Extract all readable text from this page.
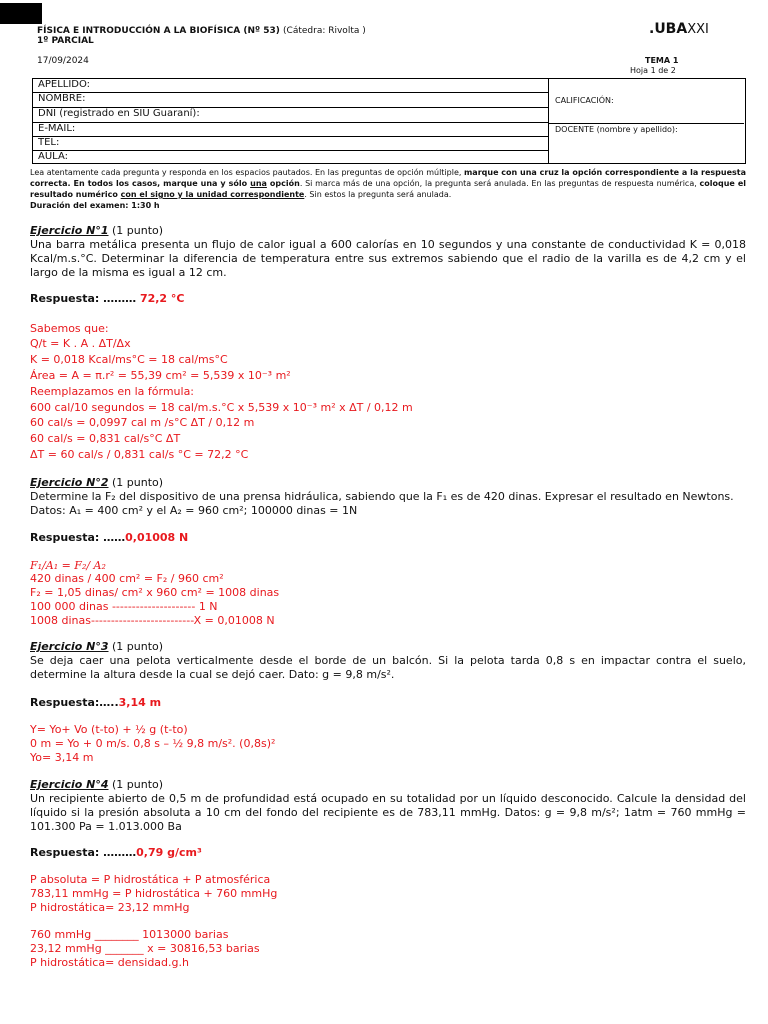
FÍSICA E INTRODUCCIÓN A LA BIOFÍSICA (Nº 53) (Cátedra: Rivolta )
1º PARCIAL
17/09/2024
.UBAXXI
TEMA 1
Hoja 1 de 2
APELLIDO:
NOMBRE:
DNI (registrado en SIU Guaraní):
E-MAIL:
TEL:
AULA:
CALIFICACIÓN:
DOCENTE (nombre y apellido):
Lea atentamente cada pregunta y responda en los espacios pautados. En las preguntas de opción múltiple, marque con una cruz la opción correspondiente a la respuesta correcta. En todos los casos, marque una y sólo una opción. Si marca más de una opción, la pregunta será anulada. En las preguntas de respuesta numérica, coloque el resultado numérico con el signo y la unidad correspondiente. Sin estos la pregunta será anulada.
Duración del examen: 1:30 h
Ejercicio N°1 (1 punto)
Una barra metálica presenta un flujo de calor igual a 600 calorías en 10 segundos y una constante de conductividad K = 0,018 Kcal/m.s.°C. Determinar la diferencia de temperatura entre sus extremos sabiendo que el radio de la varilla es de 4,2 cm y el largo de la misma es igual a 12 cm.
Respuesta: ……… 72,2 °C
Sabemos que:
Q/t = K . A . ΔT/Δx
K = 0,018 Kcal/ms°C = 18 cal/ms°C
Área = A = π.r² = 55,39 cm² = 5,539 x 10⁻³ m²
Reemplazamos en la fórmula:
600 cal/10 segundos = 18 cal/m.s.°C x 5,539 x 10⁻³ m² x ΔT / 0,12 m
60 cal/s = 0,0997 cal m /s°C ΔT / 0,12 m
60 cal/s = 0,831 cal/s°C ΔT
ΔT = 60 cal/s / 0,831 cal/s °C = 72,2 °C
Ejercicio N°2 (1 punto)
Determine la F₂ del dispositivo de una prensa hidráulica, sabiendo que la F₁ es de 420 dinas. Expresar el resultado en Newtons.
Datos: A₁ = 400 cm² y el A₂ = 960 cm²; 100000 dinas = 1N
Respuesta: ……0,01008 N
F₁/A₁ = F₂/ A₂
420 dinas / 400 cm² = F₂ / 960 cm²
F₂ = 1,05 dinas/ cm² x 960 cm² = 1008 dinas
100 000 dinas --------------------- 1 N
1008 dinas--------------------------X = 0,01008 N
Ejercicio N°3 (1 punto)
Se deja caer una pelota verticalmente desde el borde de un balcón. Si la pelota tarda 0,8 s en impactar contra el suelo, determine la altura desde la cual se dejó caer. Dato: g = 9,8 m/s².
Respuesta:…..3,14 m
Y= Yo+ Vo (t-to) + ½ g (t-to)
0 m = Yo + 0 m/s. 0,8 s – ½ 9,8 m/s². (0,8s)²
Yo= 3,14 m
Ejercicio N°4 (1 punto)
Un recipiente abierto de 0,5 m de profundidad está ocupado en su totalidad por un líquido desconocido. Calcule la densidad del líquido si la presión absoluta a 10 cm del fondo del recipiente es de 783,11 mmHg. Datos: g = 9,8 m/s²; 1atm = 760 mmHg = 101.300 Pa = 1.013.000 Ba
Respuesta: ………0,79 g/cm³
P absoluta = P hidrostática + P atmosférica
783,11 mmHg = P hidrostática + 760 mmHg
P hidrostática= 23,12 mmHg
760 mmHg ________ 1013000 barias
23,12 mmHg _______ x = 30816,53 barias
P hidrostática= densidad.g.h
